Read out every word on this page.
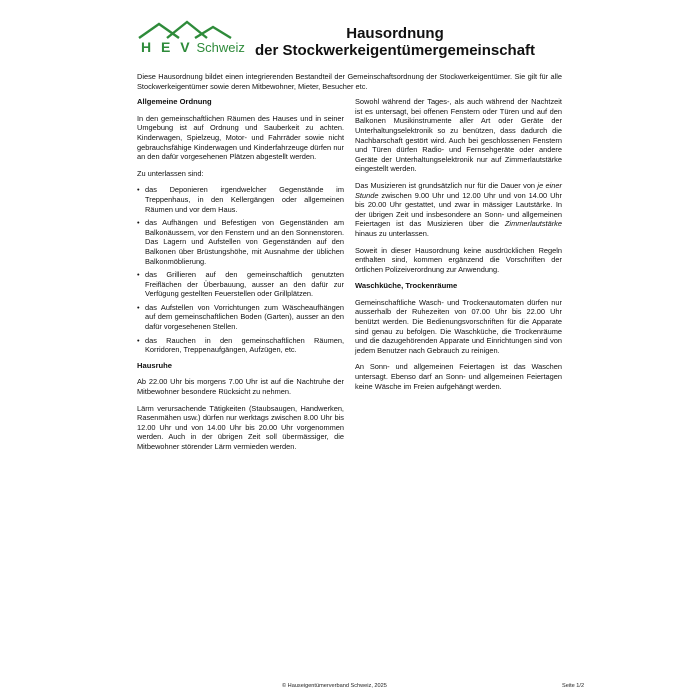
H E V Schweiz
Hausordnung
der Stockwerkeigentümergemeinschaft

Diese Hausordnung bildet einen integrierenden Bestandteil der Gemeinschaftsordnung der Stockwerkeigentümer. Sie gilt für alle Stockwerkeigentümer sowie deren Mitbewohner, Mieter, Besucher etc.

Allgemeine Ordnung

In den gemeinschaftlichen Räumen des Hauses und in seiner Umgebung ist auf Ordnung und Sauberkeit zu achten. Kinderwagen, Spielzeug, Motor- und Fahrräder sowie nicht gebrauchsfähige Kinderwagen und Kinderfahrzeuge dürfen nur an den dafür vorgesehenen Plätzen abgestellt werden.

Zu unterlassen sind:

• das Deponieren irgendwelcher Gegenstände im Treppenhaus, in den Kellergängen oder allgemeinen Räumen und vor dem Haus.
• das Aufhängen und Befestigen von Gegenständen am Balkonäussern, vor den Fenstern und an den Sonnenstoren. Das Lagern und Aufstellen von Gegenständen auf den Balkonen über Brüstungshöhe, mit Ausnahme der üblichen Balkonmöblierung.
• das Grillieren auf den gemeinschaftlich genutzten Freiflächen der Überbauung, ausser an den dafür zur Verfügung gestellten Feuerstellen oder Grillplätzen.
• das Aufstellen von Vorrichtungen zum Wäscheaufhängen auf dem gemeinschaftlichen Boden (Garten), ausser an den dafür vorgesehenen Stellen.
• das Rauchen in den gemeinschaftlichen Räumen, Korridoren, Treppenaufgängen, Aufzügen, etc.
Hausruhe

Ab 22.00 Uhr bis morgens 7.00 Uhr ist auf die Nachtruhe der Mitbewohner besondere Rücksicht zu nehmen.

Lärm verursachende Tätigkeiten (Staubsaugen, Handwerken, Rasenmähen usw.) dürfen nur werktags zwischen 8.00 Uhr bis 12.00 Uhr und von 14.00 Uhr bis 20.00 Uhr vorgenommen werden. Auch in der übrigen Zeit soll übermässiger, die Mitbewohner störender Lärm vermieden werden.

Sowohl während der Tages-, als auch während der Nachtzeit ist es untersagt, bei offenen Fenstern oder Türen und auf den Balkonen Musikinstrumente aller Art oder Geräte der Unterhaltungselektronik so zu benützen, dass dadurch die Nachbarschaft gestört wird. Auch bei geschlossenen Fenstern und Türen dürfen Radio- und Fernsehgeräte oder andere Geräte der Unterhaltungselektronik nur auf Zimmerlautstärke eingestellt werden.

Das Musizieren ist grundsätzlich nur für die Dauer von je einer Stunde zwischen 9.00 Uhr und 12.00 Uhr und von 14.00 Uhr bis 20.00 Uhr gestattet, und zwar in mässiger Lautstärke. In der übrigen Zeit und insbesondere an Sonn- und allgemeinen Feiertagen ist das Musizieren über die Zimmerlautstärke hinaus zu unterlassen.

Soweit in dieser Hausordnung keine ausdrücklichen Regeln enthalten sind, kommen ergänzend die Vorschriften der örtlichen Polizeiverordnung zur Anwendung.

Waschküche, Trockenräume

Gemeinschaftliche Wasch- und Trockenautomaten dürfen nur ausserhalb der Ruhezeiten von 07.00 Uhr bis 22.00 Uhr benützt werden. Die Bedienungsvorschriften für die Apparate sind genau zu befolgen. Die Waschküche, die Trockenräume und die dazugehörenden Apparate und Einrichtungen sind von jedem Benutzer nach Gebrauch zu reinigen.

An Sonn- und allgemeinen Feiertagen ist das Waschen untersagt. Ebenso darf an Sonn- und allgemeinen Feiertagen keine Wäsche im Freien aufgehängt werden.

© Hauseigentümerverband Schweiz, 2025	Seite 1/2
